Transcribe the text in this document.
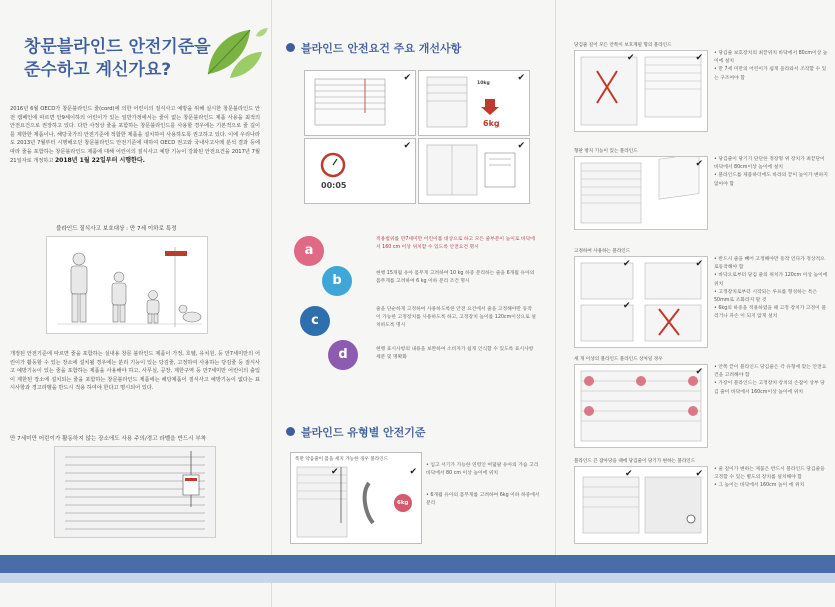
창문블라인드 안전기준을
준수하고 계신가요?
2016년 6월 OECD가 창문블라인드 줄(cord)에 의한 어린이의 질식사고 예방을 위해 실시한 창문블라인드 안전 캠페인에 따르면 안9세이하의 어린이가 있는 일반가정에서는 줄이 없는 창문블라인드 제품 사용을 최적의 안전요건으로 권장하고 있다. 다만 사정상 줄을 포함하는 창문블라인드를 사용할 경우에는 기본적으로 줄 길이를 제한한 제품이나, 해당국가의 안전기준에 적합한 제품을 설치하여 사용하도록 권고하고 있다. 이에 우리나라도 2013년 7월부터 시행해오던 창문블라인드 안전기준에 대하여 OECD 권고와 국내사고사례 분석 결과 등에 따라 줄을 포함하는 창문블라인드 제품에 대해 어린이의 질식사고 예방 기능이 강화된 안전요건을 2017년 7월 21일자로 개정하고 2018년 1월 22일부터 시행한다.
블라인드 질식사고 보호대상 : 만 7세 이하로 특정
개정된 안전기준에 따르면 줄을 포함하는 실내용 창문 블라인드 제품이 가정, 호텔, 유치원, 등 만7세미만의 어린이가 활동할 수 있는 장소에 설치될 경우에는 분리 기능이 있는 당김줄, 고정하여 사용하는 당김줄 등 질식사고 예방기능이 있는 줄을 포함하는 제품을 사용해야 하고, 사무실, 공장, 제한구역 등 만7세미만 어린이의 출입이 제한된 장소에 설치되는 줄을 포함하는 창문블라인드 제품에는 해당제품이 질식사고 예방기능이 없다는 표시사항과 경고라벨을 반드시 적용 하여야 한다고 명시되어 있다.
만 7세미만 어린이가 활동하지 않는 장소에도 사용 주의/경고 라벨을 반드시 부착
블라인드 안전요건 주요 개선사항
✔
10kg
6kg
✔
00:05
✔	✔
a
b
c
d
적용범위를 만7세미만 어린이를 대상으로 하고 모든 줄부분이 높이로 바닥에서 160 cm 이상 위치할 수 있도록 안전요건 명시
현행 15개월 유아 몸무게 고려하여 10 kg 하중 분리하는 줄을 6개월 유아의 몸무게를 고려하여 6 kg 이하 분리 조건 명시
줄을 단순하게 고정하여 사용하도록한 안전 요건에서 줄을 고정해야만 동작이 가능한 고정장치를 사용하도록 하고, 고정장치 높이를 120cm이상으로 설치하도록 명시
현행 표시사항의 내용을 보완하여 소비자가 쉽게 인식할 수 있도록 표시사항 세분 및 명확화
블라인드 유형별 안전기준
폭만 약음줄이 몸을 세지 가능한 경우 블라인드
6kg
✔	✔
• 입고 서기가 가능한 연령인 여덟팔 유아의 가슴 고리 바닥에서 80 cm 이상 높이에 위치
• 6개월 유아의 몸무게를 고려하여 6kg 이하 하중에서 분리
당김줄 길이 모든 안쪽이 보호계될 형의 블라인드
✔	✔ • 당김줄 보호장치의 최끝위치 바닥에서 80cm이상 높이에 설치
• 만 7세 미만의 어린이가 쉽게 올라와서 조작할 수 있는 구조여야 함
형판 방지 기능이 있는 블라인드
✔ • 당김줄이 당기기 단단한 정장형 위 장치가 최끝단이 바닥에서 80cm이상 높이에 설치
• 블라인드를 제품하더에도 바라의 끝이 높이가 변하지 않아야 함
고정하여 사용하는 블라인드
✔	✔
✔
• 반드시 줄을 빼어 고정해야만 동작 언다가 정상적으로동작해야 함
• 바닥으로부터 당김 줄의 위치가 120cm 이상 높이에 위치
• 고정장치로부터 시작되는 루프를 형성하는 특은 50mm로 조화라지 말 것
• 6kg의 하중을 적용하였을 때 고정 장치가 고정이 풀리거나 파손 이 되지 않게 설치
세 개 이상의 블라인드 블라인드 상처일 경우
✔ • 안쪽 끝이 블라인드 당김줄은 각 유형에 맞는 안전요건을 고려해야 함
• 가장이 블라인드는 고정장치 장치의 손잡이 상부 당김 줄이 바닥에서 160cm이상 높이에 위치
블라인드 끈 잡아당을 때에 당김줄이 당기가 변하는 블라인드
✔	✔ • 줄 길이가 변하는 제품은 반드시 블라인드 당김줄을 고정할 수 있는 별도의 장치를 설치해야 함
• 그 높이는 바닥에서 160cm 높이 에 위치
